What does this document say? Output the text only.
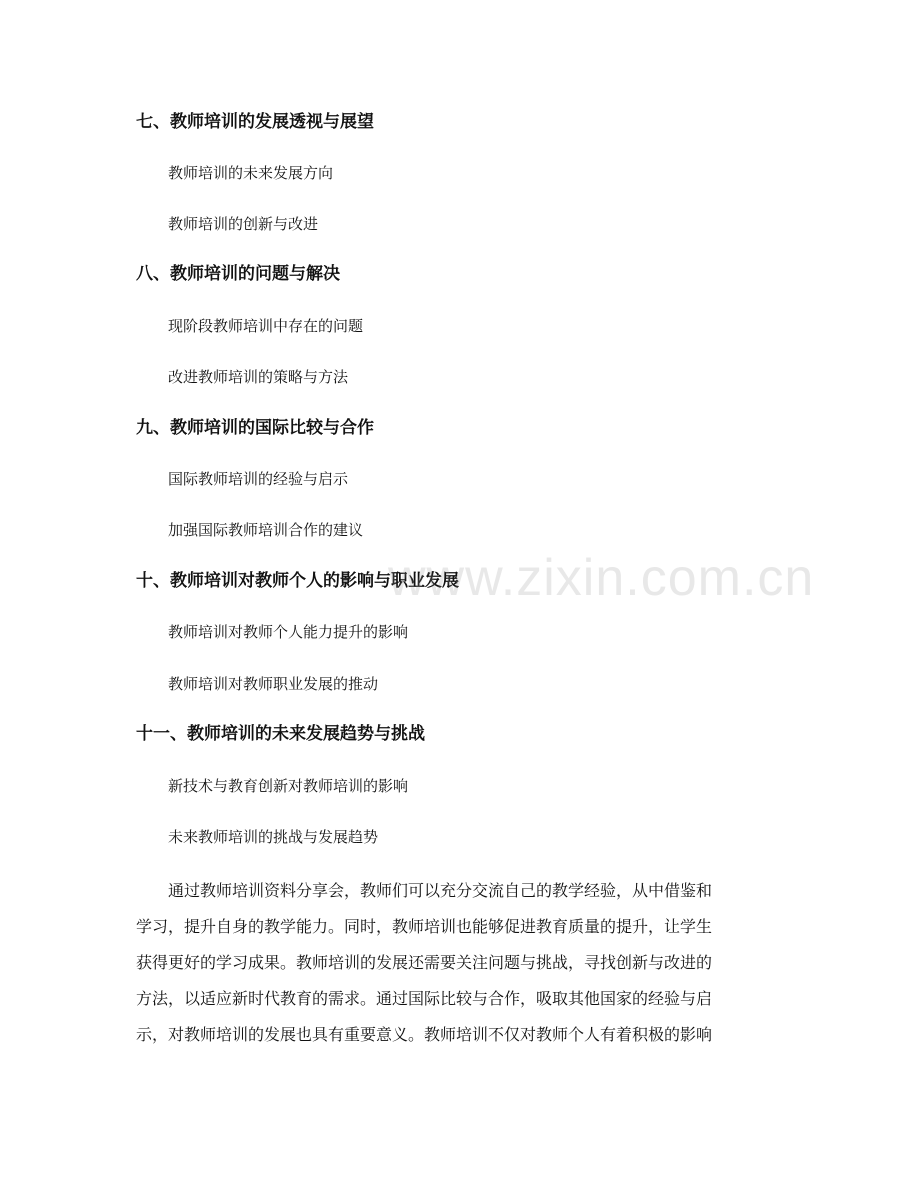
七、教师培训的发展透视与展望
教师培训的未来发展方向
教师培训的创新与改进
八、教师培训的问题与解决
现阶段教师培训中存在的问题
改进教师培训的策略与方法
九、教师培训的国际比较与合作
国际教师培训的经验与启示
加强国际教师培训合作的建议
十、教师培训对教师个人的影响与职业发展
教师培训对教师个人能力提升的影响
教师培训对教师职业发展的推动
十一、教师培训的未来发展趋势与挑战
新技术与教育创新对教师培训的影响
未来教师培训的挑战与发展趋势

通过教师培训资料分享会，教师们可以充分交流自己的教学经验，从中借鉴和
学习，提升自身的教学能力。同时，教师培训也能够促进教育质量的提升，让学生
获得更好的学习成果。教师培训的发展还需要关注问题与挑战，寻找创新与改进的
方法，以适应新时代教育的需求。通过国际比较与合作，吸取其他国家的经验与启
示，对教师培训的发展也具有重要意义。教师培训不仅对教师个人有着积极的影响

www.zixin.com.cn
